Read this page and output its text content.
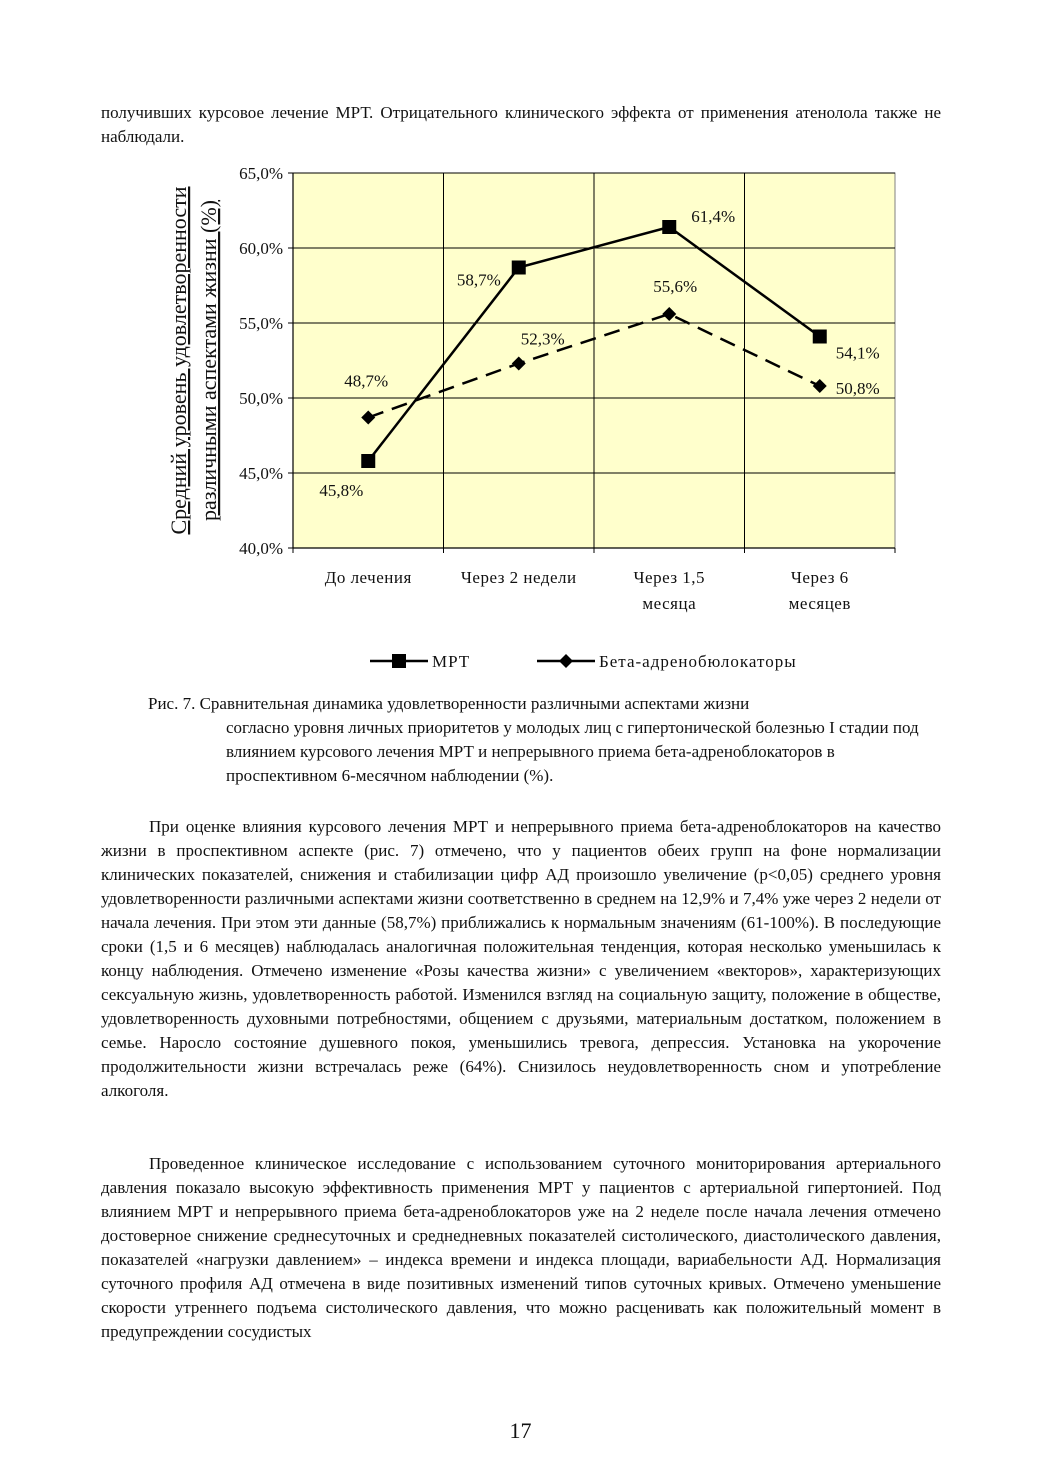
получивших курсовое лечение МРТ. Отрицательного клинического эффекта от применения атенолола также не наблюдали.

40,0%
45,0%
50,0%
55,0%
60,0%
65,0%
До лечения	Через 2 недели	Через 1,5
месяца
Через 6
месяцев
Средний уровень удовлетворенности различными аспектами жизни (%)	45,8%
58,7%
61,4%
54,1%
48,7%
52,3%
55,6%
50,8%
МРТ	Бета-адренобюлокаторы
Рис. 7. Сравнительная динамика удовлетворенности различными аспектами жизни
согласно уровня личных приоритетов у молодых лиц с гипертонической болезнью I стадии под влиянием курсового лечения МРТ и непрерывного приема бета-адреноблокаторов в проспективном 6-месячном наблюдении (%).

При оценке влияния курсового лечения МРТ и непрерывного приема бета-адреноблокаторов на качество жизни в проспективном аспекте (рис. 7) отмечено, что у пациентов обеих групп на фоне нормализации клинических показателей, снижения и стабилизации цифр АД произошло увеличение (р<0,05) среднего уровня удовлетворенности различными аспектами жизни соответственно в среднем на 12,9% и 7,4% уже через 2 недели от начала лечения. При этом эти данные (58,7%) приближались к нормальным значениям (61-100%). В последующие сроки (1,5 и 6 месяцев) наблюдалась аналогичная положительная тенденция, которая несколько уменьшилась к концу наблюдения. Отмечено изменение «Розы качества жизни» с увеличением «векторов», характеризующих сексуальную жизнь, удовлетворенность работой. Изменился взгляд на социальную защиту, положение в обществе, удовлетворенность духовными потребностями, общением с друзьями, материальным достатком, положением в семье. Наросло состояние душевного покоя, уменьшились тревога, депрессия. Установка на укорочение продолжительности жизни встречалась реже (64%). Снизилось неудовлетворенность сном и употребление алкоголя.

Проведенное клиническое исследование с использованием суточного мониторирования артериального давления показало высокую эффективность применения МРТ у пациентов с артериальной гипертонией. Под влиянием МРТ и непрерывного приема бета-адреноблокаторов уже на 2 неделе после начала лечения отмечено достоверное снижение среднесуточных и среднедневных показателей систолического, диастолического давления, показателей «нагрузки давлением» – индекса времени и индекса площади, вариабельности АД. Нормализация суточного профиля АД отмечена в виде позитивных изменений типов суточных кривых. Отмечено уменьшение скорости утреннего подъема систолического давления, что можно расценивать как положительный момент в предупреждении сосудистых

17
